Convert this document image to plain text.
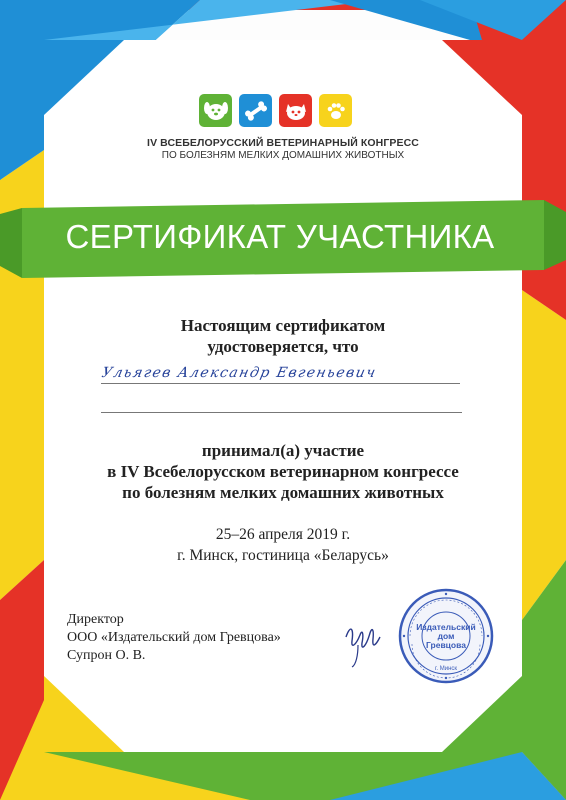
IV ВСЕБЕЛОРУССКИЙ ВЕТЕРИНАРНЫЙ КОНГРЕСС
ПО БОЛЕЗНЯМ МЕЛКИХ ДОМАШНИХ ЖИВОТНЫХ
СЕРТИФИКАТ УЧАСТНИКА
Настоящим сертификатом
удостоверяется, что
Ульягев Александр Евгеньевич
принимал(а) участие
в IV Всебелорусском ветеринарном конгрессе
по болезням мелких домашних животных
25–26 апреля 2019 г.
г. Минск, гостиница «Беларусь»
Директор
ООО «Издательский дом Гревцова»
Супрон О. В.
Издательский
дом
Гревцова
г. Минск
